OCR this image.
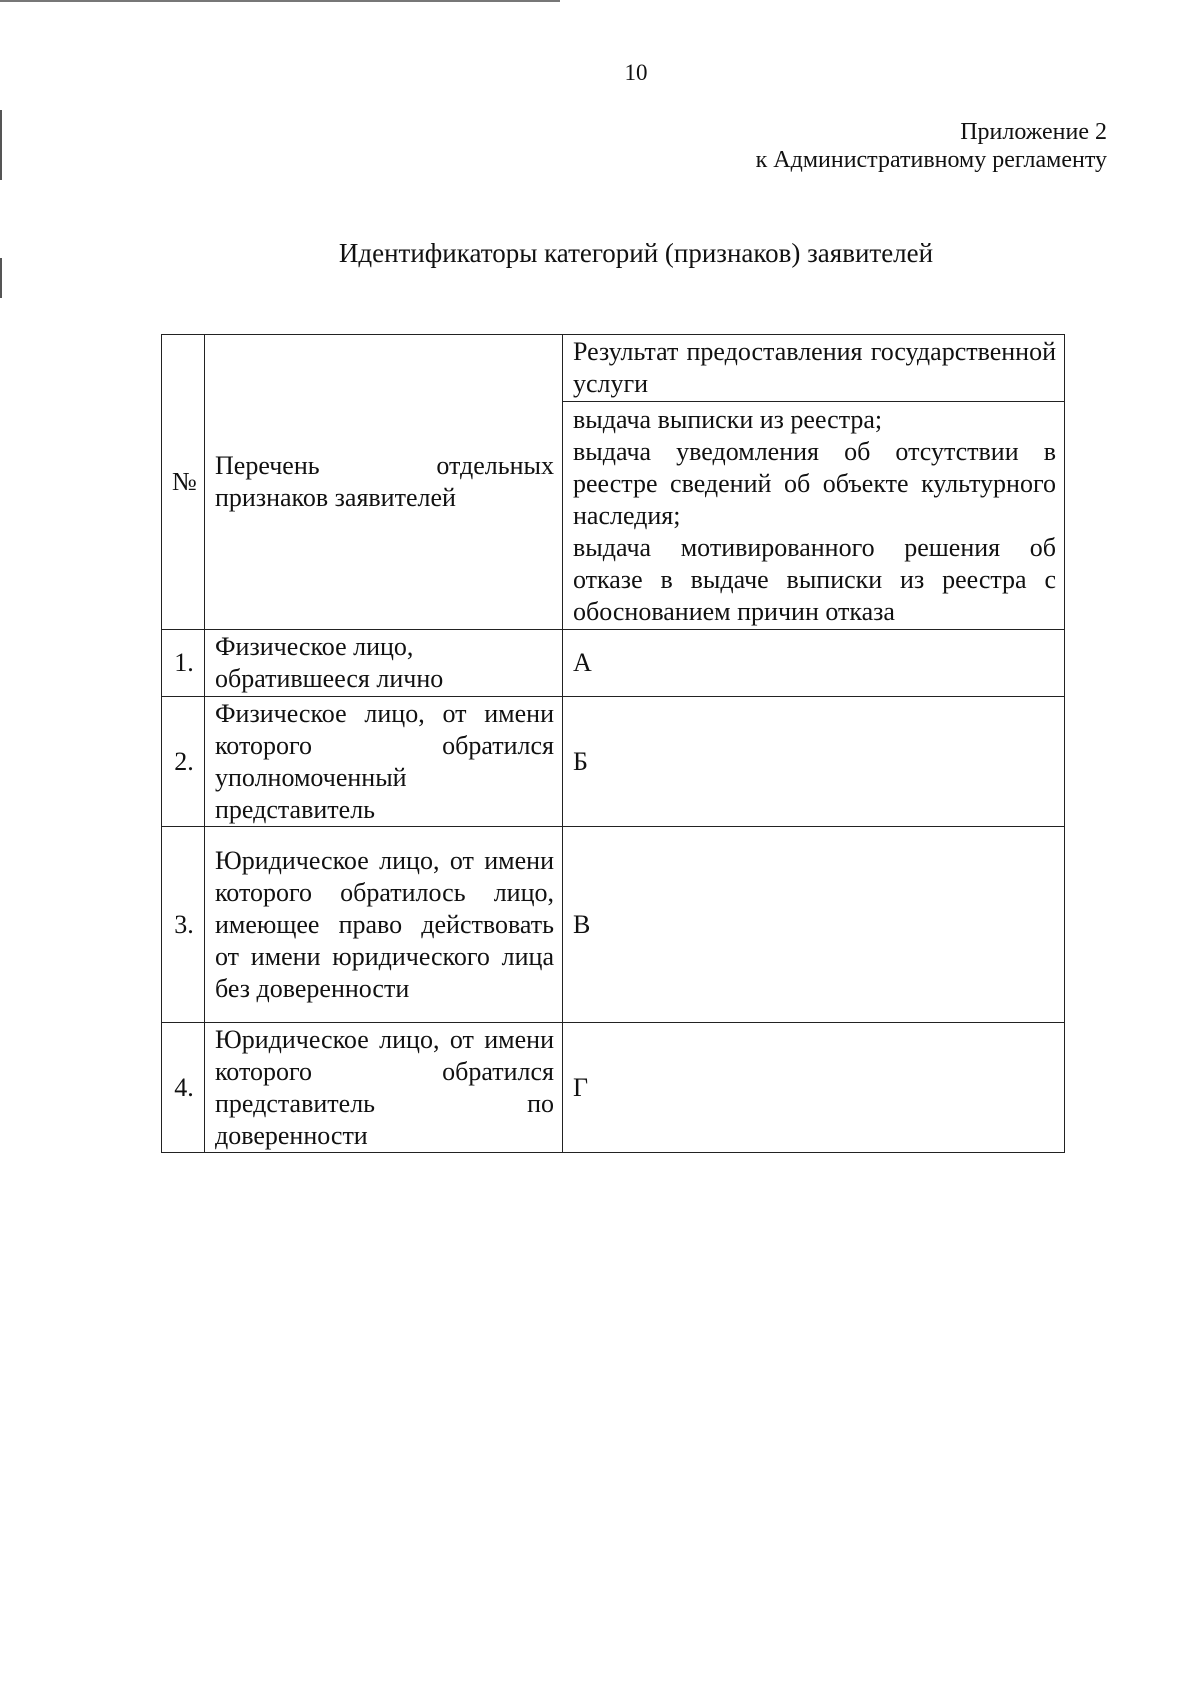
10
Приложение 2
к Административному регламенту
Идентификаторы категорий (признаков) заявителей
№	Перечень отдельных признаков заявителей	Результат предоставления государственной услуги

		выдача выписки из реестра;
выдача уведомления об отсутствии в реестре сведений об объекте культурного наследия;
выдача мотивированного решения об отказе в выдаче выписки из реестра с обоснованием причин отказа

1.	Физическое лицо, обратившееся лично	А
2.	Физическое лицо, от имени которого обратился уполномоченный представитель	Б
3.	Юридическое лицо, от имени которого обратилось лицо, имеющее право действовать от имени юридического лица без доверенности	В
4.	Юридическое лицо, от имени которого обратился представитель по доверенности	Г
